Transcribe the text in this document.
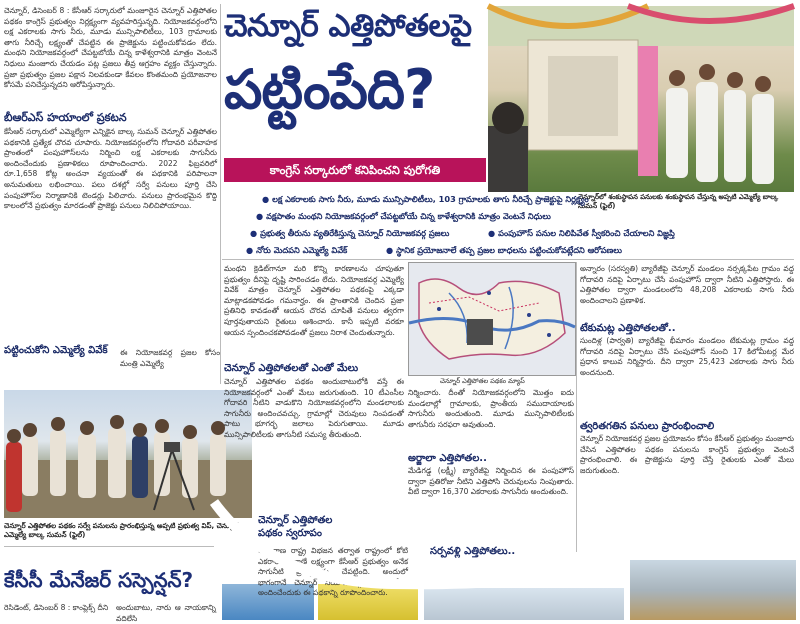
చెన్నూర్, డిసెంబర్ 8 : కేసీఆర్ సర్కారులో మంజూరైన చెన్నూర్ ఎత్తిపోతల పథకం కాంగ్రెస్ ప్రభుత్వం నిర్లక్ష్యంగా వ్యవహరిస్తున్నది. నియోజకవర్గంలోని లక్ష ఎకరాలకు సాగు నీరు, మూడు మున్సిపాలిటీలు, 103 గ్రామాలకు తాగు నీరిచ్చే లక్ష్యంతో చేపట్టిన ఈ ప్రాజెక్టును పట్టించుకోవడం లేదు. మంథని నియోజకవర్గంలో చేపట్టబోయే చిన్న కాళేశ్వరానికి మాత్రం వెంటనే నిధులు మంజూరు చేయడం పట్ల ప్రజలు తీవ్ర ఆగ్రహం వ్యక్తం చేస్తున్నారు. ప్రజా ప్రభుత్వం ప్రజల పక్షాన నిలవకుండా కేవలం కొంతమంది ప్రయోజనాల కోసమే పనిచేస్తున్నదని ఆరోపిస్తున్నారు.
బీఆర్ఎస్ హయాంలో ప్రకటన
కేసీఆర్ సర్కారులో ఎమ్మెల్యేగా ఎన్నికైన బాల్క సుమన్ చెన్నూర్ ఎత్తిపోతల పథకానికి ప్రత్యేక చొరవ చూపారు. నియోజకవర్గంలోని గోదావరి పరీవాహక ప్రాంతంలో పంపుహౌస్‌లను నిర్మించి లక్ష ఎకరాలకు సాగునీరు అందించేందుకు ప్రణాళికలు రూపొందించారు. 2022 ఫిబ్రవరిలో రూ.1,658 కోట్ల అంచనా వ్యయంతో ఈ పథకానికి పరిపాలనా అనుమతులు లభించాయి. పలు దశల్లో సర్వే పనులు పూర్తి చేసి పంపుహౌస్‌ల నిర్మాణానికి టెండర్లు పిలిచారు. పనులు ప్రారంభమైన కొద్ది కాలంలోనే ప్రభుత్వం మారడంతో ప్రాజెక్టు పనులు నిలిచిపోయాయి.
పట్టించుకోని ఎమ్మెల్యే వివేక్	ఈ నియోజకవర్గ ప్రజల కోసం మంత్రి ఎమ్మెల్యే
చెన్నూర్ ఎత్తిపోతల పథకం సర్వే పనులను ప్రారంభిస్తున్న అప్పటి ప్రభుత్వ విప్, చెన్నూర్ ఎమ్మెల్యే బాల్క సుమన్ (ఫైల్)
కేసీసీ మేనేజర్ సస్పెన్షన్?
రెసిడెంట్, డిసెంబర్ 8 : కాంప్లెక్స్ దీని	అందుబాటు, నారు ఆ నాయకాన్ని వదిలేసి
చెన్నూర్ ఎత్తిపోతలపై
పట్టింపేది?
కాంగ్రెస్ సర్కారులో కనిపించని పురోగతి
చెన్నూర్‌లో శంకుస్థాపన పనులకు శంకుస్థాపన చేస్తున్న అప్పటి ఎమ్మెల్యే బాల్క సుమన్ (ఫైల్)
● లక్ష ఎకరాలకు సాగు నీరు, మూడు మున్సిపాలిటీలు, 103 గ్రామాలకు తాగు నీరిచ్చే ప్రాజెక్టుపై నిర్లక్ష్యం
● వక్షపాతం మంథని నియోజకవర్గంలో చేపట్టబోయే చిన్న కాళేశ్వరానికి మాత్రం వెంటనే నిధులు
● ప్రభుత్వ తీరును వ్యతిరేకిస్తున్న చెన్నూర్ నియోజకవర్గ ప్రజలు	● పంపుహౌస్ పనుల నిలిపివేత స్వీకరించి చేయాలని విజ్ఞప్తి
● నోరు మెదపని ఎమ్మెల్యే వివేక్	● స్థానిక ప్రయోజనాలే తప్ప ప్రజల బాధలను పట్టించుకోవట్లేదని ఆరోపణలు
మంథని క్రెడిట్‌గానూ మరి కొన్ని కారణాలను చూపుతూ ప్రభుత్వం దీనిపై దృష్టి సారించడం లేదు. నియోజకవర్గ ఎమ్మెల్యే వివేక్ మాత్రం చెన్నూర్ ఎత్తిపోతల పథకంపై ఎక్కడా మాట్లాడకపోవడం గమనార్హం. ఈ ప్రాంతానికి చెందిన ప్రజా ప్రతినిధి కావడంతో ఆయన చొరవ చూపితే పనులు త్వరగా పూర్తవుతాయని రైతులు ఆశించారు. కానీ ఇప్పటి వరకూ ఆయన స్పందించకపోవడంతో ప్రజలు నిరాశ చెందుతున్నారు.
చెన్నూర్ ఎత్తిపోతలతో ఎంతో మేలు
చెన్నూర్ ఎత్తిపోతల పథకం అందుబాటులోకి వస్తే ఈ నియోజకవర్గంలో ఎంతో మేలు జరుగుతుంది. 10 టీఎంసీల గోదావరి నీటిని వాడుకొని నియోజకవర్గంలోని మండలాలకు సాగునీరు అందించవచ్చు. గ్రామాల్లో చెరువులు నింపడంతో పాటు భూగర్భ జలాలు పెరుగుతాయి. మూడు మున్సిపాలిటీలకు తాగునీటి సమస్య తీరుతుంది.
చెన్నూర్ ఎత్తిపోతల పథకం స్వరూపం
తెలంగాణ రాష్ట్ర విభజన తర్వాత రాష్ట్రంలో కోటి ఎకరాల మాగాణే లక్ష్యంగా కేసీఆర్ ప్రభుత్వం అనేక సాగునీటి ప్రాజెక్టులను చేపట్టింది. అందులో భాగంగానే చెన్నూర్ నియోజకవర్గానికి సాగునీరు అందించేందుకు ఈ పథకాన్ని రూపొందించారు.
చెన్నూర్ ఎత్తిపోతల పథకం మ్యాప్
నిర్మించారు. దీంతో నియోజకవర్గంలోని మొత్తం ఐదు మండలాల్లో గ్రామాలకు, ప్రాంతీయ సముదాయాలకు సాగునీరు అందుతుంది. మూడు మున్సిపాలిటీలకు తాగునీరు సరఫరా అవుతుంది.
అర్జాలా ఎత్తిపోతల..
మేడిగడ్డ (లక్ష్మీ) బ్యారేజీపై నిర్మించిన ఈ పంపుహౌస్ ద్వారా ప్రతిరోజు నీటిని ఎత్తిపోసి చెరువులను నింపుతారు. వీటి ద్వారా 16,370 ఎకరాలకు సాగునీరు అందుతుంది.
సర్పవళ్లి ఎత్తిపోతలు..
అన్నారం (సరస్వతి) బ్యారేజీపై చెన్నూర్ మండలం నర్సక్కపేట గ్రామం వద్ద గోదావరి నదిపై ఏర్పాటు చేసే పంపుహౌస్ ద్వారా నీటిని ఎత్తిపోస్తారు. ఈ ఎత్తిపోతల ద్వారా మండలంలోని 48,208 ఎకరాలకు సాగు నీరు అందించాలని ప్రణాళిక.
టేకుమట్ల ఎత్తిపోతలతో..
సుందిళ్ల (పార్వతి) బ్యారేజీపై భీమారం మండలం టేకుమట్ల గ్రామం వద్ద గోదావరి నదిపై ఏర్పాటు చేసే పంపుహౌస్ నుంచి 17 కిలోమీటర్ల మేర ప్రధాన కాలువ నిర్మిస్తారు. దీని ద్వారా 25,423 ఎకరాలకు సాగు నీరు అందనుంది.
త్వరితగతిన పనులు ప్రారంభించాలి
చెన్నూర్ నియోజకవర్గ ప్రజల ప్రయోజనం కోసం కేసీఆర్ ప్రభుత్వం మంజూరు చేసిన ఎత్తిపోతల పథకం పనులను కాంగ్రెస్ ప్రభుత్వం వెంటనే ప్రారంభించాలి. ఈ ప్రాజెక్టును పూర్తి చేస్తే రైతులకు ఎంతో మేలు జరుగుతుంది.
